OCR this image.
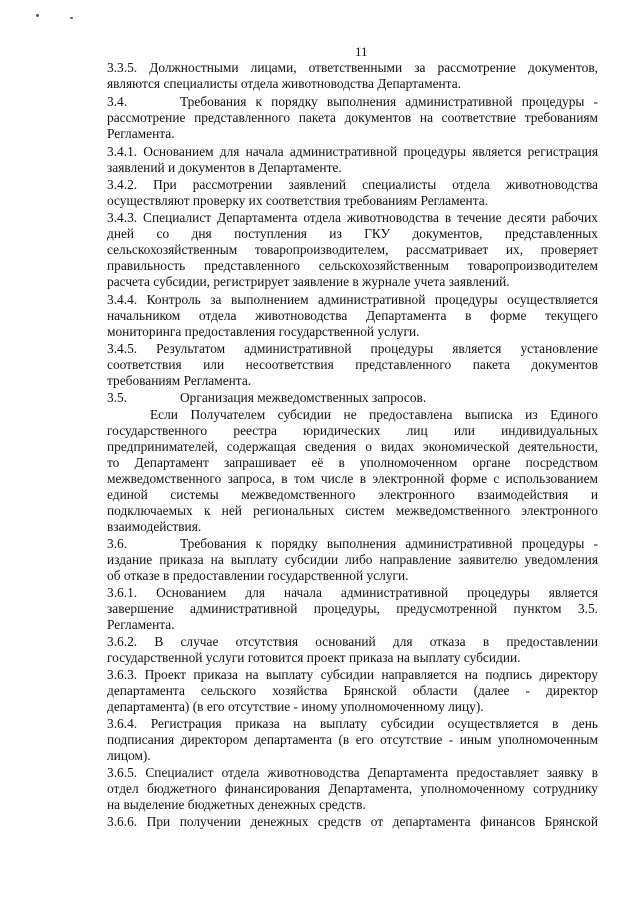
11
3.3.5. Должностными лицами, ответственными за рассмотрение документов,
являются специалисты отдела животноводства Департамента.
3.4.	Требования к порядку выполнения административной процедуры -
рассмотрение представленного пакета документов на соответствие требованиям
Регламента.
3.4.1. Основанием для начала административной процедуры является регистрация
заявлений и документов в Департаменте.
3.4.2. При рассмотрении заявлений специалисты отдела животноводства
осуществляют проверку их соответствия требованиям Регламента.
3.4.3. Специалист Департамента отдела животноводства в течение десяти рабочих
дней со дня поступления из ГКУ документов, представленных
сельскохозяйственным товаропроизводителем, рассматривает их, проверяет
правильность представленного сельскохозяйственным товаропроизводителем
расчета субсидии, регистрирует заявление в журнале учета заявлений.
3.4.4. Контроль за выполнением административной процедуры осуществляется
начальником отдела животноводства Департамента в форме текущего
мониторинга предоставления государственной услуги.
3.4.5. Результатом административной процедуры является установление
соответствия или несоответствия представленного пакета документов
требованиям Регламента.
3.5.	Организация межведомственных запросов.
Если Получателем субсидии не предоставлена выписка из Единого
государственного реестра юридических лиц или индивидуальных
предпринимателей, содержащая сведения о видах экономической деятельности,
то Департамент запрашивает её в уполномоченном органе посредством
межведомственного запроса, в том числе в электронной форме с использованием
единой системы межведомственного электронного взаимодействия и
подключаемых к ней региональных систем межведомственного электронного
взаимодействия.
3.6.	Требования к порядку выполнения административной процедуры -
издание приказа на выплату субсидии либо направление заявителю уведомления
об отказе в предоставлении государственной услуги.
3.6.1. Основанием для начала административной процедуры является
завершение административной процедуры, предусмотренной пунктом 3.5.
Регламента.
3.6.2. В случае отсутствия оснований для отказа в предоставлении
государственной услуги готовится проект приказа на выплату субсидии.
3.6.3. Проект приказа на выплату субсидии направляется на подпись директору
департамента сельского хозяйства Брянской области (далее - директор
департамента) (в его отсутствие - иному уполномоченному лицу).
3.6.4. Регистрация приказа на выплату субсидии осуществляется в день
подписания директором департамента (в его отсутствие - иным уполномоченным
лицом).
3.6.5. Специалист отдела животноводства Департамента предоставляет заявку в
отдел бюджетного финансирования Департамента, уполномоченному сотруднику
на выделение бюджетных денежных средств.
3.6.6. При получении денежных средств от департамента финансов Брянской
